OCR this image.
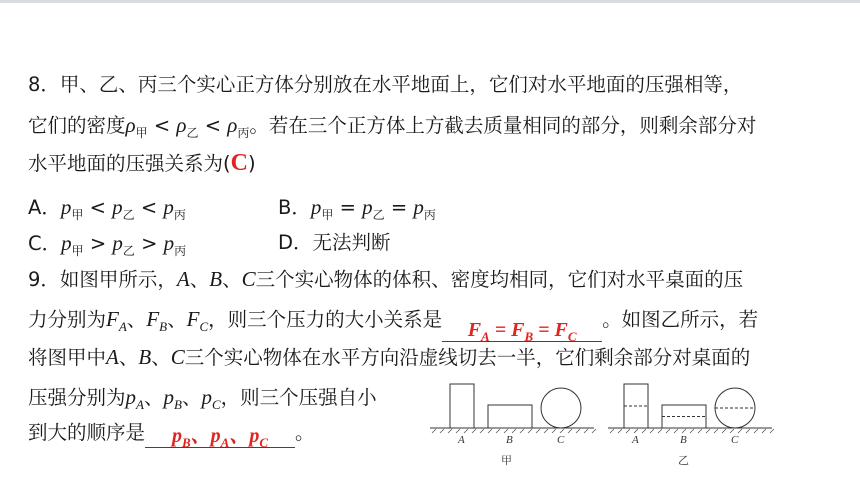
8．甲、乙、丙三个实心正方体分别放在水平地面上，它们对水平地面的压强相等，
它们的密度$\rho_甲 < \rho_乙 < \rho_丙$。若在三个正方体上方截去质量相同的部分，则剩余部分对
水平地面的压强关系为(C)
A．$p_甲 < p_乙 < p_丙$	B．$p_甲 = p_乙 = p_丙$
C．$p_甲 > p_乙 > p_丙$	D．无法判断
9．如图甲所示，A、B、C三个实心物体的体积、密度均相同，它们对水平桌面的压
力分别为$F_A$、$F_B$、$F_C$，则三个压力的大小关系是 $F_A = F_B = F_C$。如图乙所示，若
将图甲中A、B、C三个实心物体在水平方向沿虚线切去一半，它们剩余部分对桌面的
压强分别为$p_A$、$p_B$、$p_C$，则三个压强自小
到大的顺序是 $p_B$、$p_A$、$p_C$ 。	A	B	C
甲
A	B	C
乙
